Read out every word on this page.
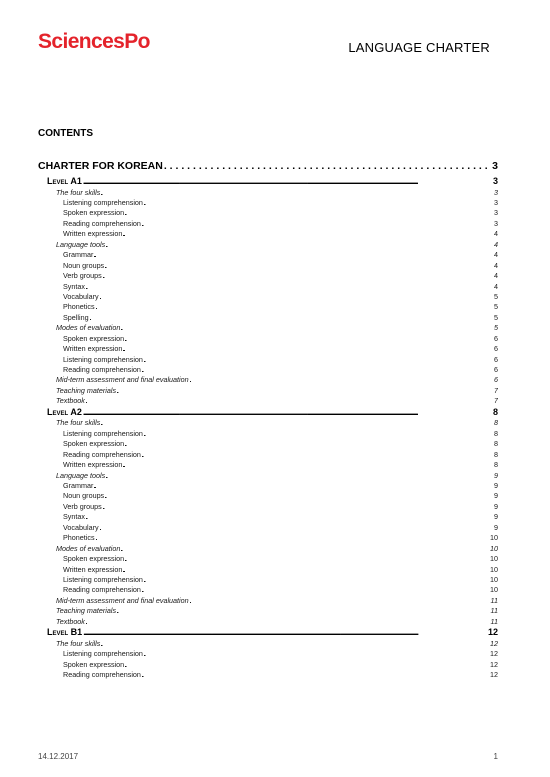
SciencesPo	LANGUAGE CHARTER
CONTENTS
CHARTER FOR KOREAN . . .	3
Level A1 . . .	3
The four skills . . .	3
Listening comprehension . . .	3
Spoken expression . . .	3
Reading comprehension . . .	3
Written expression . . .	4
Language tools . . .	4
Grammar . . .	4
Noun groups . . .	4
Verb groups . . .	4
Syntax . . .	4
Vocabulary . . .	5
Phonetics . . .	5
Spelling . . .	5
Modes of evaluation . . .	5
Spoken expression . . .	6
Written expression . . .	6
Listening comprehension . . .	6
Reading comprehension . . .	6
Mid-term assessment and final evaluation . . .	6
Teaching materials . . .	7
Textbook . . .	7
Level A2 . . .	8
The four skills . . .	8
Listening comprehension . . .	8
Spoken expression . . .	8
Reading comprehension . . .	8
Written expression . . .	8
Language tools . . .	9
Grammar . . .	9
Noun groups . . .	9
Verb groups . . .	9
Syntax . . .	9
Vocabulary . . .	9
Phonetics . . .	10
Modes of evaluation . . .	10
Spoken expression . . .	10
Written expression . . .	10
Listening comprehension . . .	10
Reading comprehension . . .	10
Mid-term assessment and final evaluation . . .	11
Teaching materials . . .	11
Textbook . . .	11
Level B1 . . .	12
The four skills . . .	12
Listening comprehension . . .	12
Spoken expression . . .	12
Reading comprehension . . .	12
14.12.2017	1
